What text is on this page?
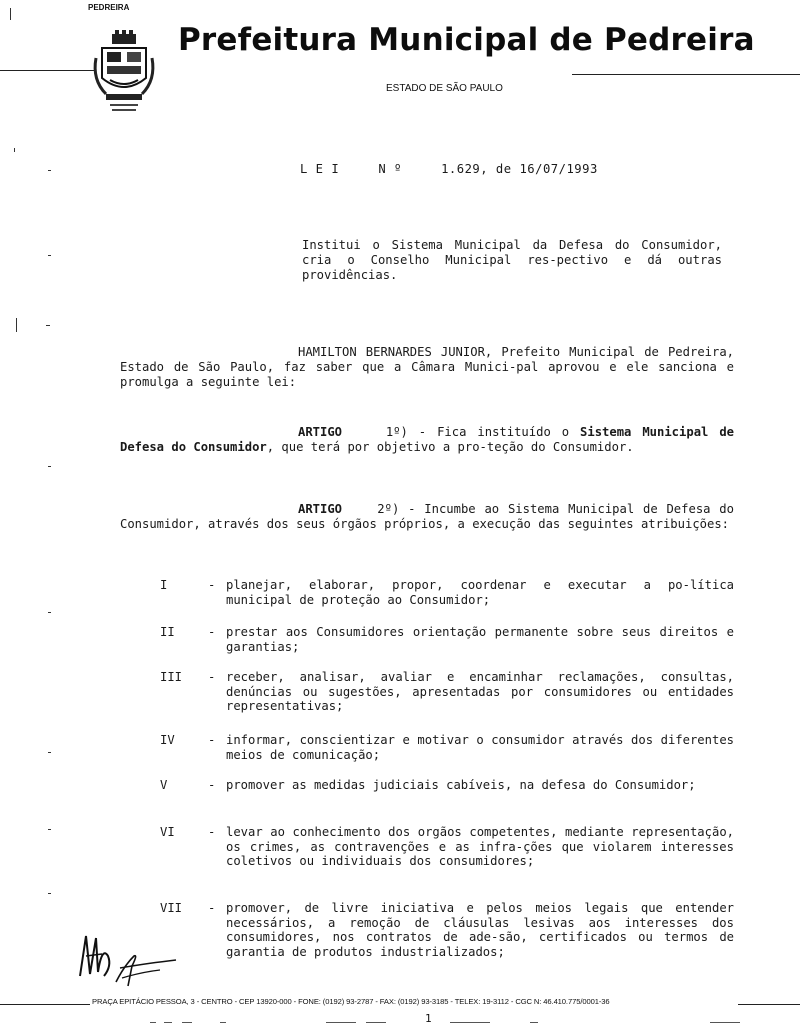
PEDREIRA
Prefeitura Municipal de Pedreira
ESTADO DE SÃO PAULO
L E I     N º     1.629, de 16/07/1993
Institui o Sistema Municipal da Defesa do Consumidor, cria o Conselho Municipal res-pectivo e dá outras providências.
HAMILTON BERNARDES JUNIOR, Prefeito Municipal de Pedreira, Estado de São Paulo, faz saber que a Câmara Munici-pal aprovou e ele sanciona e promulga a seguinte lei:
ARTIGO	1º) - Fica instituído o Sistema Municipal de Defesa do Consumidor, que terá por objetivo a pro-teção do Consumidor.
ARTIGO	2º) - Incumbe ao Sistema Municipal de Defesa do Consumidor, através dos seus órgãos próprios, a execução das seguintes atribuições:
I	- planejar, elaborar, propor, coordenar e executar a po-lítica municipal de proteção ao Consumidor;
II	- prestar aos Consumidores orientação permanente sobre seus direitos e garantias;
III	- receber, analisar, avaliar e encaminhar reclamações, consultas, denúncias ou sugestões, apresentadas por consumidores ou entidades representativas;
IV	- informar, conscientizar e motivar o consumidor através dos diferentes meios de comunicação;
V	- promover as medidas judiciais cabíveis, na defesa do Consumidor;
VI	- levar ao conhecimento dos orgãos competentes, mediante representação, os crimes, as contravenções e as infra-ções que violarem interesses coletivos ou individuais dos consumidores;
VII	- promover, de livre iniciativa e pelos meios legais que entender necessários, a remoção de cláusulas lesivas aos interesses dos consumidores, nos contratos de ade-são, certificados ou termos de garantia de produtos industrializados;
PRAÇA EPITÁCIO PESSOA, 3 - CENTRO - CEP 13920-000 - FONE: (0192) 93-2787 - FAX: (0192) 93-3185 - TELEX: 19-3112 - CGC N: 46.410.775/0001-36
1
